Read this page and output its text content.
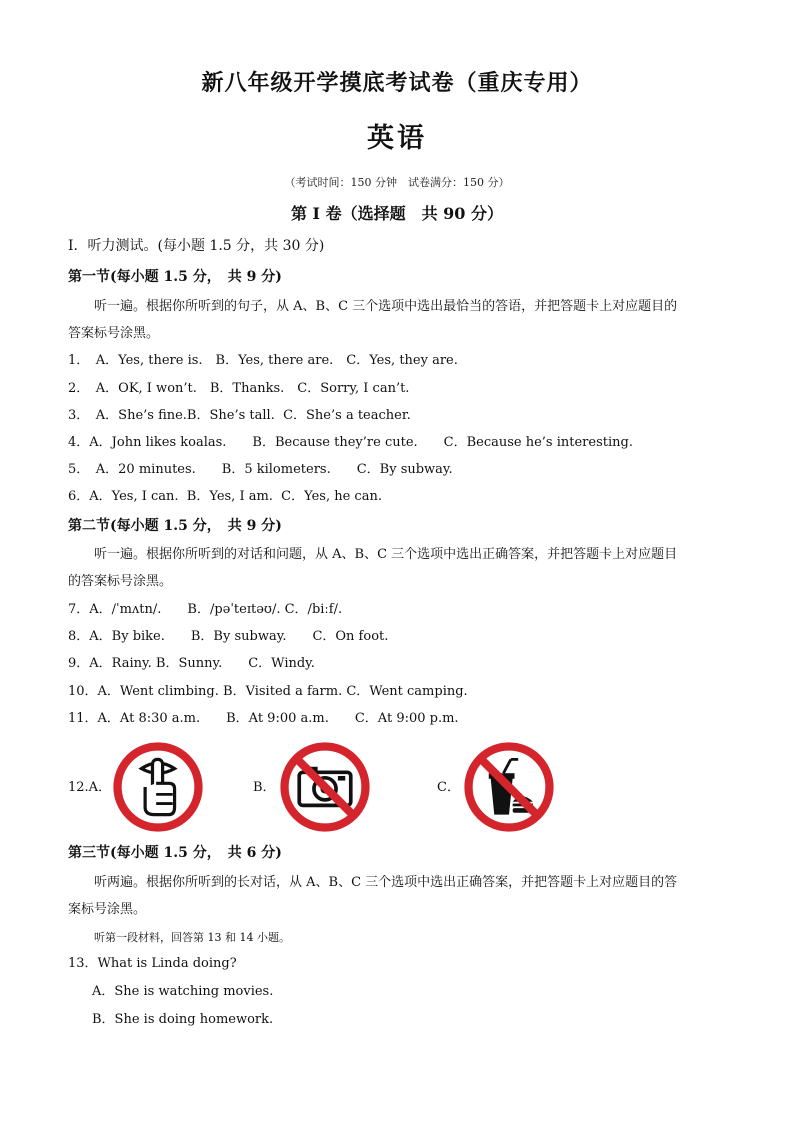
新八年级开学摸底考试卷（重庆专用）
英语
（考试时间：150 分钟　试卷满分：150 分）
第 I 卷（选择题　共 90 分）
Ⅰ．听力测试。(每小题 1.5 分，共 30 分)
第一节(每小题 1.5 分，　共 9 分)
听一遍。根据你所听到的句子，从 A、B、C 三个选项中选出最恰当的答语，并把答题卡上对应题目的
答案标号涂黑。
1．　A．Yes, there is.　B．Yes, there are.　C．Yes, they are.
2．　A．OK, I won’t.　B．Thanks.　C．Sorry, I can’t.
3．　A．She’s fine.B．She’s tall.  C．She’s a teacher.
4．A．John likes koalas.　　B．Because they’re cute.　　C．Because he’s interesting.
5．　A．20 minutes.　　B．5 kilometers.　　C．By subway.
6．A．Yes, I can.  B．Yes, I am.  C．Yes, he can.
第二节(每小题 1.5 分，　共 9 分)
听一遍。根据你所听到的对话和问题，从 A、B、C 三个选项中选出正确答案，并把答题卡上对应题目
的答案标号涂黑。
7．A．/ˈmʌtn/.　　B．/pəˈteɪtəʊ/. C．/biːf/.
8．A．By bike.　　B．By subway.　　C．On foot.
9．A．Rainy. B．Sunny.　　C．Windy.
10．A．Went climbing. B．Visited a farm. C．Went camping.
11．A．At 8:30 a.m.　　B．At 9:00 a.m.　　C．At 9:00 p.m.
12.A．	B．	C．
第三节(每小题 1.5 分，　共 6 分)
听两遍。根据你所听到的长对话，从 A、B、C 三个选项中选出正确答案，并把答题卡上对应题目的答
案标号涂黑。
听第一段材料，回答第 13 和 14 小题。
13．What is Linda doing?
A．She is watching movies.
B．She is doing homework.
